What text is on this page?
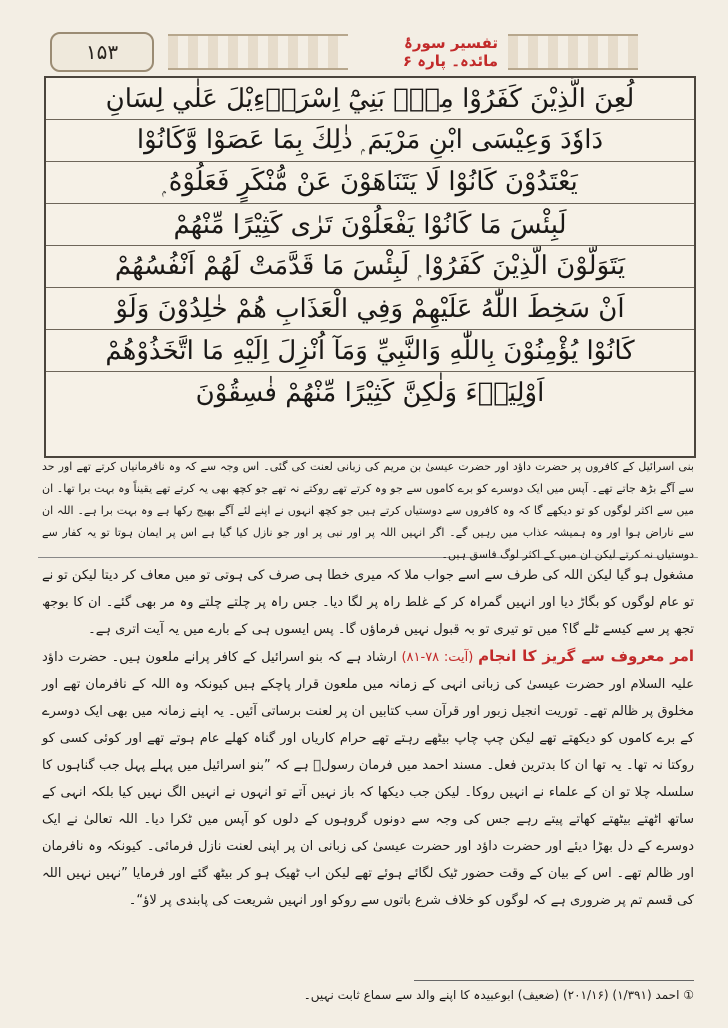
۱۵۳	تفسیر سورۂ مائدہ۔ پارہ ۶
لُعِنَ الَّذِيْنَ كَفَرُوْا مِنْۢ بَنِيْٓ اِسْرَاۗءِيْلَ عَلٰي لِسَانِ
دَاوٗدَ وَعِيْسَى ابْنِ مَرْيَمَ ۭ ذٰلِكَ بِمَا عَصَوْا وَّكَانُوْا
يَعْتَدُوْنَ كَانُوْا لَا يَتَنَاهَوْنَ عَنْ مُّنْكَرٍ فَعَلُوْهُ ۭ
لَبِئْسَ مَا كَانُوْا يَفْعَلُوْنَ تَرٰى كَثِيْرًا مِّنْهُمْ
يَتَوَلَّوْنَ الَّذِيْنَ كَفَرُوْا ۭ لَبِئْسَ مَا قَدَّمَتْ لَهُمْ اَنْفُسُهُمْ
اَنْ سَخِطَ اللّٰهُ عَلَيْهِمْ وَفِي الْعَذَابِ هُمْ خٰلِدُوْنَ وَلَوْ
كَانُوْا يُؤْمِنُوْنَ بِاللّٰهِ وَالنَّبِيِّ وَمَآ اُنْزِلَ اِلَيْهِ مَا اتَّخَذُوْهُمْ
اَوْلِيَاۗءَ وَلٰكِنَّ كَثِيْرًا مِّنْهُمْ فٰسِقُوْنَ
بنی اسرائیل کے کافروں پر حضرت داؤد اور حضرت عیسیٰ بن مریم کی زبانی لعنت کی گئی۔ اس وجہ سے کہ وہ نافرمانیاں کرتے تھے اور حد سے آگے بڑھ جاتے تھے۔ آپس میں ایک دوسرے کو برے کاموں سے جو وہ کرتے تھے روکتے نہ تھے جو کچھ بھی یہ کرتے تھے یقیناً وہ بہت برا تھا۔ ان میں سے اکثر لوگوں کو تو دیکھے گا کہ وہ کافروں سے دوستیاں کرتے ہیں جو کچھ انہوں نے اپنے لئے آگے بھیج رکھا ہے وہ بہت برا ہے۔ اللہ ان سے ناراض ہوا اور وہ ہمیشہ عذاب میں رہیں گے۔ اگر انہیں اللہ پر اور نبی پر اور جو نازل کیا گیا ہے اس پر ایمان ہوتا تو یہ کفار سے دوستیاں نہ کرتے لیکن ان میں کے اکثر لوگ فاسق ہیں۔

مشغول ہو گیا لیکن اللہ کی طرف سے اسے جواب ملا کہ میری خطا ہی صرف کی ہوتی تو میں معاف کر دیتا لیکن تو نے تو عام لوگوں کو بگاڑ دیا اور انہیں گمراہ کر کے غلط راہ پر لگا دیا۔ جس راہ پر چلتے چلتے وہ مر بھی گئے۔ ان کا بوجھ تجھ پر سے کیسے ٹلے گا؟ میں تو تیری تو بہ قبول نہیں فرماؤں گا۔ پس ایسوں ہی کے بارے میں یہ آیت اتری ہے۔

امر معروف سے گریز کا انجام (آیت: ۷۸-۸۱) ارشاد ہے کہ بنو اسرائیل کے کافر پرانے ملعون ہیں۔ حضرت داؤد علیہ السلام اور حضرت عیسیٰ کی زبانی انہی کے زمانہ میں ملعون قرار پاچکے ہیں کیونکہ وہ اللہ کے نافرمان تھے اور مخلوق پر ظالم تھے۔ توریت انجیل زبور اور قرآن سب کتابیں ان پر لعنت برساتی آئیں۔ یہ اپنے زمانہ میں بھی ایک دوسرے کے برے کاموں کو دیکھتے تھے لیکن چپ چاپ بیٹھے رہتے تھے حرام کاریاں اور گناہ کھلے عام ہوتے تھے اور کوئی کسی کو روکتا نہ تھا۔ یہ تھا ان کا بدترین فعل۔ مسند احمد میں فرمان رسولؐ ہے کہ ”بنو اسرائیل میں پہلے پہل جب گناہوں کا سلسلہ چلا تو ان کے علماء نے انہیں روکا۔ لیکن جب دیکھا کہ باز نہیں آتے تو انہوں نے انہیں الگ نہیں کیا بلکہ انہی کے ساتھ اٹھتے بیٹھتے کھاتے پیتے رہے جس کی وجہ سے دونوں گروہوں کے دلوں کو آپس میں ٹکرا دیا۔ اللہ تعالیٰ نے ایک دوسرے کے دل بھڑا دیئے اور حضرت داؤد اور حضرت عیسیٰ کی زبانی ان پر اپنی لعنت نازل فرمائی۔ کیونکہ وہ نافرمان اور ظالم تھے۔ اس کے بیان کے وقت حضور ٹیک لگائے ہوئے تھے لیکن اب ٹھیک ہو کر بیٹھ گئے اور فرمایا ”نہیں نہیں اللہ کی قسم تم پر ضروری ہے کہ لوگوں کو خلاف شرع باتوں سے روکو اور انہیں شریعت کی پابندی پر لاؤ“۔

① احمد (۱/۳۹۱) (۲۰۱/۱۶) (ضعیف) ابوعبیدہ کا اپنے والد سے سماع ثابت نہیں۔
